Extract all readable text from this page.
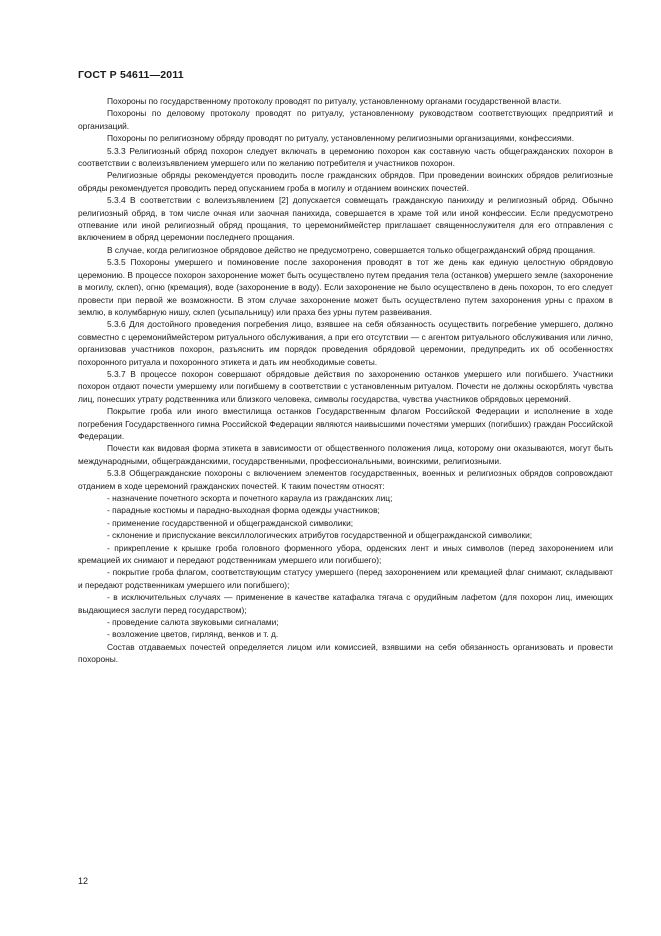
ГОСТ Р 54611—2011

Похороны по государственному протоколу проводят по ритуалу, установленному органами государственной власти.

Похороны по деловому протоколу проводят по ритуалу, установленному руководством соответствующих предприятий и организаций.

Похороны по религиозному обряду проводят по ритуалу, установленному религиозными организациями, конфессиями.

5.3.3 Религиозный обряд похорон следует включать в церемонию похорон как составную часть общегражданских похорон в соответствии с волеизъявлением умершего или по желанию потребителя и участников похорон.

Религиозные обряды рекомендуется проводить после гражданских обрядов. При проведении воинских обрядов религиозные обряды рекомендуется проводить перед опусканием гроба в могилу и отданием воинских почестей.

5.3.4 В соответствии с волеизъявлением [2] допускается совмещать гражданскую панихиду и религиозный обряд. Обычно религиозный обряд, в том числе очная или заочная панихида, совершается в храме той или иной конфессии. Если предусмотрено отпевание или иной религиозный обряд прощания, то церемониймейстер приглашает священнослужителя для его отправления с включением в обряд церемонии последнего прощания.

В случае, когда религиозное обрядовое действо не предусмотрено, совершается только общегражданский обряд прощания.

5.3.5 Похороны умершего и поминовение после захоронения проводят в тот же день как единую целостную обрядовую церемонию. В процессе похорон захоронение может быть осуществлено путем предания тела (останков) умершего земле (захоронение в могилу, склеп), огню (кремация), воде (захоронение в воду). Если захоронение не было осуществлено в день похорон, то его следует провести при первой же возможности. В этом случае захоронение может быть осуществлено путем захоронения урны с прахом в землю, в колумбарную нишу, склеп (усыпальницу) или праха без урны путем развеивания.

5.3.6 Для достойного проведения погребения лицо, взявшее на себя обязанность осуществить погребение умершего, должно совместно с церемониймейстером ритуального обслуживания, а при его отсутствии — с агентом ритуального обслуживания или лично, организовав участников похорон, разъяснить им порядок проведения обрядовой церемонии, предупредить их об особенностях похоронного ритуала и похоронного этикета и дать им необходимые советы.

5.3.7 В процессе похорон совершают обрядовые действия по захоронению останков умершего или погибшего. Участники похорон отдают почести умершему или погибшему в соответствии с установленным ритуалом. Почести не должны оскорблять чувства лиц, понесших утрату родственника или близкого человека, символы государства, чувства участников обрядовых церемоний.

Покрытие гроба или иного вместилища останков Государственным флагом Российской Федерации и исполнение в ходе погребения Государственного гимна Российской Федерации являются наивысшими почестями умерших (погибших) граждан Российской Федерации.

Почести как видовая форма этикета в зависимости от общественного положения лица, которому они оказываются, могут быть международными, общегражданскими, государственными, профессиональными, воинскими, религиозными.

5.3.8 Общегражданские похороны с включением элементов государственных, военных и религиозных обрядов сопровождают отданием в ходе церемоний гражданских почестей. К таким почестям относят:

- назначение почетного эскорта и почетного караула из гражданских лиц;

- парадные костюмы и парадно-выходная форма одежды участников;

- применение государственной и общегражданской символики;

- склонение и приспускание вексиллологических атрибутов государственной и общегражданской символики;

- прикрепление к крышке гроба головного форменного убора, орденских лент и иных символов (перед захоронением или кремацией их снимают и передают родственникам умершего или погибшего);

- покрытие гроба флагом, соответствующим статусу умершего (перед захоронением или кремацией флаг снимают, складывают и передают родственникам умершего или погибшего);

- в исключительных случаях — применение в качестве катафалка тягача с орудийным лафетом (для похорон лиц, имеющих выдающиеся заслуги перед государством);

- проведение салюта звуковыми сигналами;

- возложение цветов, гирлянд, венков и т. д.

Состав отдаваемых почестей определяется лицом или комиссией, взявшими на себя обязанность организовать и провести похороны.

12
